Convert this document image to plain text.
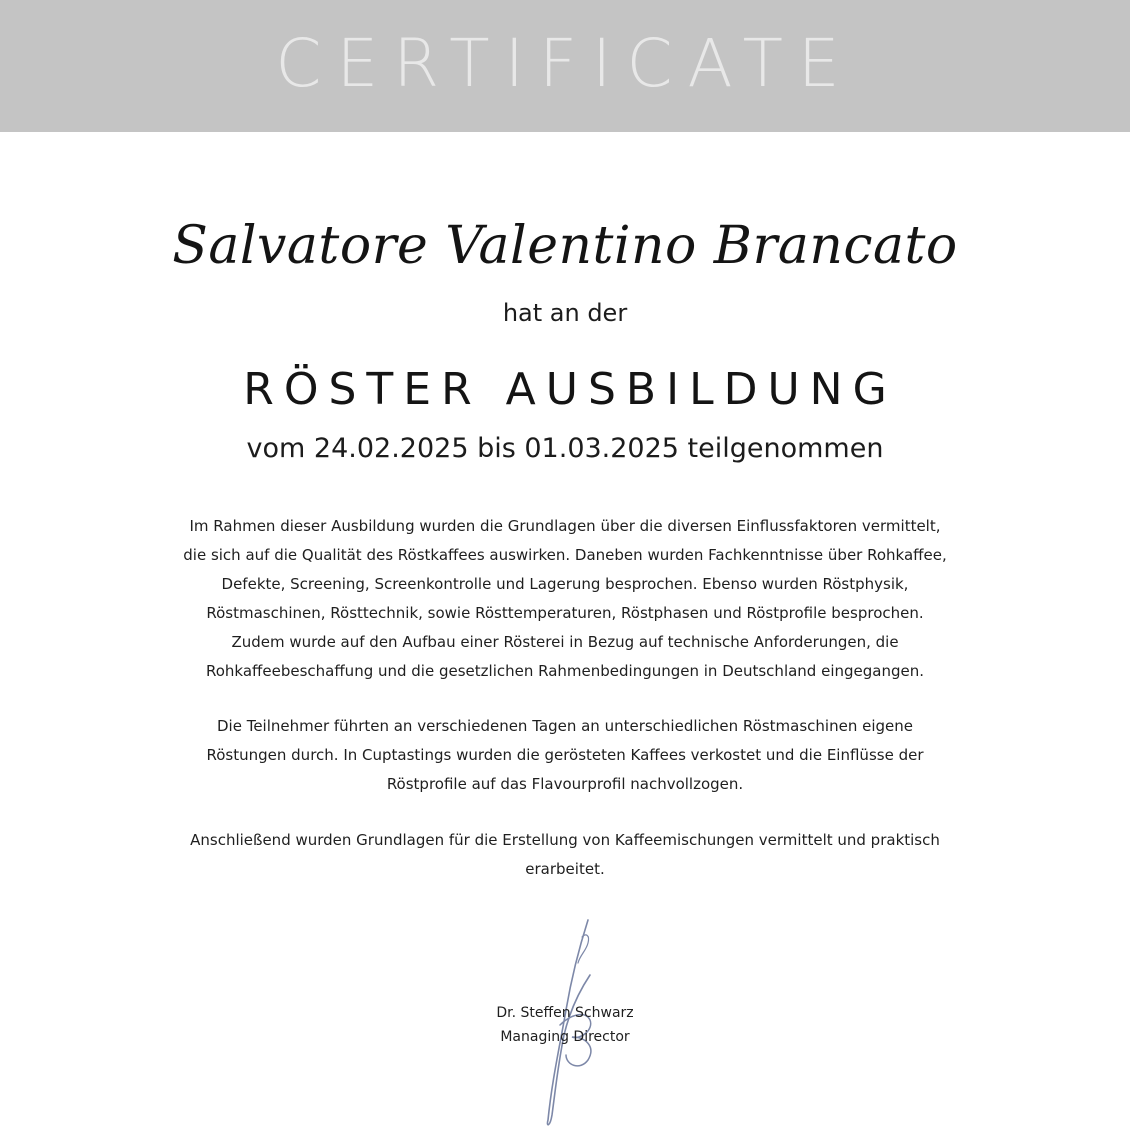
CERTIFICATE
Salvatore Valentino Brancato
hat an der
RÖSTER AUSBILDUNG
vom 24.02.2025 bis 01.03.2025 teilgenommen

Im Rahmen dieser Ausbildung wurden die Grundlagen über die diversen Einflussfaktoren vermittelt,
die sich auf die Qualität des Röstkaffees auswirken. Daneben wurden Fachkenntnisse über Rohkaffee,
Defekte, Screening, Screenkontrolle und Lagerung besprochen. Ebenso wurden Röstphysik,
Röstmaschinen, Rösttechnik, sowie Rösttemperaturen, Röstphasen und Röstprofile besprochen.
Zudem wurde auf den Aufbau einer Rösterei in Bezug auf technische Anforderungen, die
Rohkaffeebeschaffung und die gesetzlichen Rahmenbedingungen in Deutschland eingegangen.

Die Teilnehmer führten an verschiedenen Tagen an unterschiedlichen Röstmaschinen eigene
Röstungen durch. In Cuptastings wurden die gerösteten Kaffees verkostet und die Einflüsse der
Röstprofile auf das Flavourprofil nachvollzogen.

Anschließend wurden Grundlagen für die Erstellung von Kaffeemischungen vermittelt und praktisch
erarbeitet.

Dr. Steffen Schwarz
Managing Director
